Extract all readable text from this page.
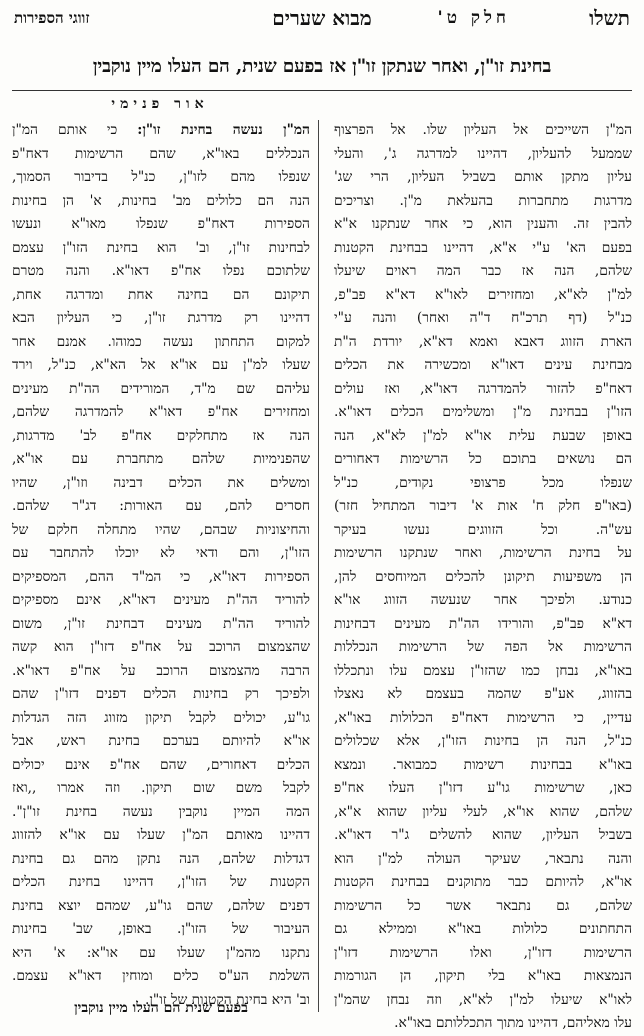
תשלו
חלק ט'
מבוא שערים
זווגי הספירות
בחינת זו"ן, ואחר שנתקן זו"ן אז בפעם שנית, הם העלו מיין נוקבין
אור פנימי
המ"ן השייכים אל העליון שלו. אל הפרצוף
שממעל להעליון, דהיינו למדרגה ג', והעלי
עליון מתקן אותם בשביל העליון, הרי שג'
מדרגות מתחברות בהעלאת מ"ן. וצריכים
להבין זה. והענין הוא, כי אחר שנתקנו א"א
בפעם הא' ע"י א"א, דהיינו בבחינת הקטנות
שלהם, הנה אז כבר המה ראוים שיעלו
למ"ן לא"א, ומחזירים לאו"א דא"א פב"פ,
כנ"ל (דף תרכ"ח ד"ה ואחר) והנה ע"י
הארת הזווג דאבא ואמא דא"א, יורדת ה"ת
מבחינת עינים דאו"א ומכשירה את הכלים
דאח"פ להזור להמדרגה דאו"א, ואז עולים
הזו"ן בבחינת מ"ן ומשלימים הכלים דאו"א.
באופן שבעת עלית או"א למ"ן לא"א, הנה
הם נושאים בתוכם כל הרשימות דאחורים
שנפלו מכל פרצופי נקודים, כנ"ל
(באו"פ חלק ח' אות א' דיבור המתחיל חזר)
עש"ה. וכל הזווגים נעשו בעיקר
על בחינת הרשימות, ואחר שנתקנו הרשימות
הן משפיעות תיקונן להכלים המיוחסים להן,
כנודע. ולפיכך אחר שנעשה הזווג או"א
דא"א פב"פ, והורידו הה"ת מעינים דבחינות
הרשימות אל הפה של הרשימות הנכללות
באו"א, נבחן כמו שהזו"ן עצמם עלו ונתכללו
בהזווג, אע"פ שהמה בעצמם לא נאצלו
עדיין, כי הרשימות דאח"פ הכלולות באו"א,
כנ"ל, הנה הן בחינות הזו"ן, אלא שכלולים
באו"א בבחינות רשימות כמבואר. ונמצא
כאן, שרשימות גו"ע דזו"ן העלו אח"פ
שלהם, שהוא או"א, לעלי עליון שהוא א"א,
בשביל העליון, שהוא להשלים ג"ר דאו"א.
והנה נתבאר, שעיקר העולה למ"ן הוא
או"א, להיותם כבר מתוקנים בבחינת הקטנות
שלהם, גם נתבאר אשר כל הרשימות
התחתונים כלולות באו"א וממילא גם
הרשימות דזו"ן, ואלו הרשימות דזו"ן
הנמצאות באו"א בלי תיקון, הן הגורמות
לאו"א שיעלו למ"ן לא"א, וזה נבחן שהמ"ן
עלו מאליהם, דהיינו מתוך התכללותם באו"א.
המ"ן נעשה בחינת זו"ן: כי אותם המ"ן
הנכללים באו"א, שהם הרשימות דאח"פ
שנפלו מהם לזו"ן, כנ"ל בדיבור הסמוך,
הנה הם כלולים מב' בחינות, א' הן בחינות
הספירות דאח"פ שנפלו מאו"א ונעשו
לבחינות זו"ן, וב' הוא בחינת הזו"ן עצמם
שלתוכם נפלו אח"פ דאו"א. והנה מטרם
תיקונם הם בחינה אחת ומדרגה אחת,
דהיינו רק מדרגת זו"ן, כי העליון הבא
למקום התחתון נעשה כמוהו. אמנם אחר
שעלו למ"ן עם או"א אל הא"א, כנ"ל, וירד
עליהם שם מ"ד, המורידים הה"ת מעינים
ומחזירים אח"פ דאו"א להמדרגה שלהם,
הנה אז מתחלקים אח"פ לב' מדרגות,
שהפנימיות שלהם מתחברת עם או"א,
ומשלים את הכלים דבינה וזו"ן, שהיו
חסרים להם, עם האורות: דג"ר שלהם.
והחיצוניות שבהם, שהיו מתחלה חלקם של
הזו"ן, והם ודאי לא יוכלו להתחבר עם
הספירות דאו"א, כי המ"ד ההם, המספיקים
להוריד הה"ת מעינים דאו"א, אינם מספיקים
להוריד הה"ת מעינים דבחינת זו"ן, משום
שהצמצום הרוכב על אח"פ דזו"ן הוא קשה
הרבה מהצמצום הרוכב על אח"פ דאו"א.
ולפיכך רק בחינות הכלים דפנים דזו"ן שהם
גו"ע, יכולים לקבל תיקון מזווג הזה הגדלות
או"א להיותם בערכם בחינת ראש, אבל
הכלים דאחורים, שהם אח"פ אינם יכולים
לקבל משם שום תיקון. וזה אמרו ,,ואז
המה המיין נוקבין נעשה בחינת זו"ן".
דהיינו מאותם המ"ן שעלו עם או"א להזווג
דגדלות שלהם, הנה נתקן מהם גם בחינת
הקטנות של הזו"ן, דהיינו בחינת הכלים
דפנים שלהם, שהם גו"ע, שמהם יוצא בחינת
העיבור של הזו"ן. באופן, שב' בחינות
נתקנו מהמ"ן שעלו עם או"א: א' היא
השלמת הע"ס כלים ומוחין דאו"א עצמם.
וב' היא בחינת הקטנות של זו"ן.
בפעם שנית הם העלו מיין נוקבין
